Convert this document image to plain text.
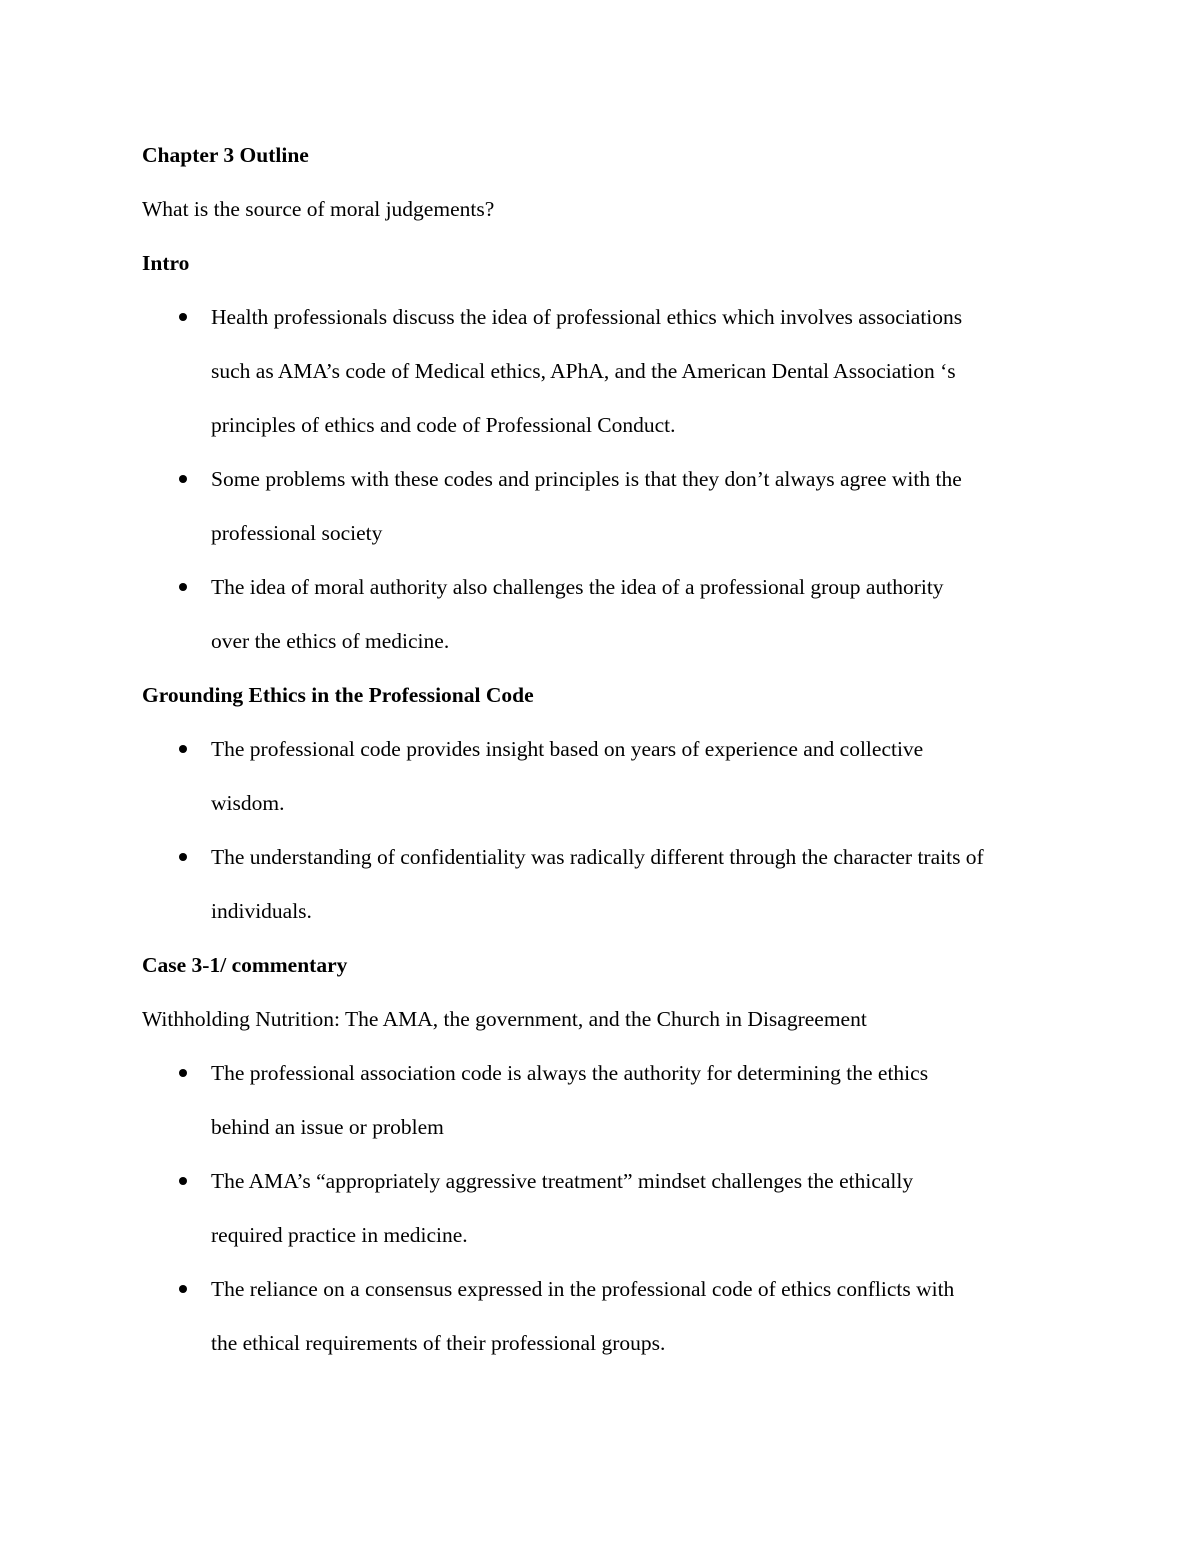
Chapter 3 Outline

What is the source of moral judgements?

Intro

Health professionals discuss the idea of professional ethics which involves associations
such as AMA’s code of Medical ethics, APhA, and the American Dental Association ‘s
principles of ethics and code of Professional Conduct.
Some problems with these codes and principles is that they don’t always agree with the
professional society
The idea of moral authority also challenges the idea of a professional group authority
over the ethics of medicine.

Grounding Ethics in the Professional Code

The professional code provides insight based on years of experience and collective
wisdom.
The understanding of confidentiality was radically different through the character traits of
individuals.

Case 3-1/ commentary

Withholding Nutrition: The AMA, the government, and the Church in Disagreement

The professional association code is always the authority for determining the ethics
behind an issue or problem
The AMA’s “appropriately aggressive treatment” mindset challenges the ethically
required practice in medicine.
The reliance on a consensus expressed in the professional code of ethics conflicts with
the ethical requirements of their professional groups.
